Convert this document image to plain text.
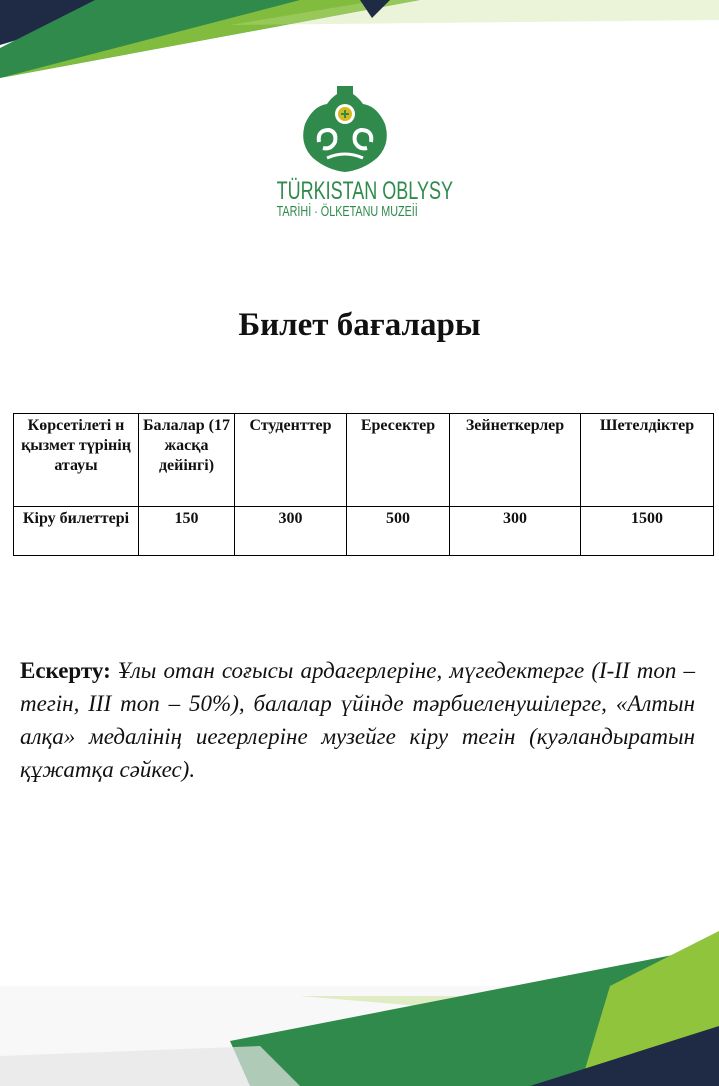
TÜRKISTAN OBLYSY
TARİHİ · ÖLKETANU MUZEİİ
Билет бағалары
Көрсетілеті н қызмет түрінің атауы	Балалар (17 жасқа дейінгі)	Студенттер	Ересектер	Зейнеткерлер	Шетелдіктер
Кіру билеттері	150	300	500	300	1500

Ескерту: Ұлы отан соғысы ардагерлеріне, мүгедектерге (I-II топ – тегін, III топ – 50%), балалар үйінде тәрбиеленушілерге, «Алтын алқа» медалінің иегерлеріне музейге кіру тегін (куәландыратын құжатқа сәйкес).
